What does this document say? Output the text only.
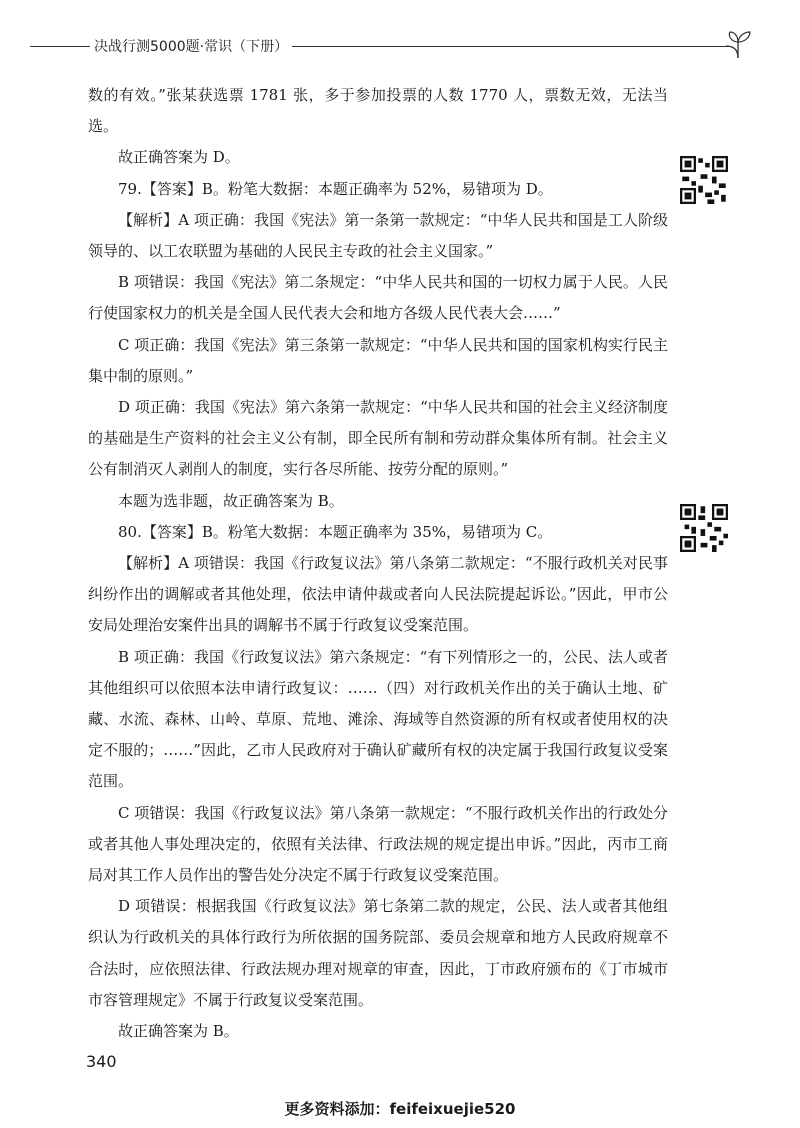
决战行测5000题·常识（下册）

数的有效。”张某获选票 1781 张，多于参加投票的人数 1770 人，票数无效，无法当选。

故正确答案为 D。

79.【答案】B。粉笔大数据：本题正确率为 52%，易错项为 D。

【解析】A 项正确：我国《宪法》第一条第一款规定：“中华人民共和国是工人阶级领导的、以工农联盟为基础的人民民主专政的社会主义国家。”

B 项错误：我国《宪法》第二条规定：“中华人民共和国的一切权力属于人民。人民行使国家权力的机关是全国人民代表大会和地方各级人民代表大会……”

C 项正确：我国《宪法》第三条第一款规定：“中华人民共和国的国家机构实行民主集中制的原则。”

D 项正确：我国《宪法》第六条第一款规定：“中华人民共和国的社会主义经济制度的基础是生产资料的社会主义公有制，即全民所有制和劳动群众集体所有制。社会主义公有制消灭人剥削人的制度，实行各尽所能、按劳分配的原则。”

本题为选非题，故正确答案为 B。

80.【答案】B。粉笔大数据：本题正确率为 35%，易错项为 C。

【解析】A 项错误：我国《行政复议法》第八条第二款规定：“不服行政机关对民事纠纷作出的调解或者其他处理，依法申请仲裁或者向人民法院提起诉讼。”因此，甲市公安局处理治安案件出具的调解书不属于行政复议受案范围。

B 项正确：我国《行政复议法》第六条规定：“有下列情形之一的，公民、法人或者其他组织可以依照本法申请行政复议：……（四）对行政机关作出的关于确认土地、矿藏、水流、森林、山岭、草原、荒地、滩涂、海域等自然资源的所有权或者使用权的决定不服的；……”因此，乙市人民政府对于确认矿藏所有权的决定属于我国行政复议受案范围。

C 项错误：我国《行政复议法》第八条第一款规定：“不服行政机关作出的行政处分或者其他人事处理决定的，依照有关法律、行政法规的规定提出申诉。”因此，丙市工商局对其工作人员作出的警告处分决定不属于行政复议受案范围。

D 项错误：根据我国《行政复议法》第七条第二款的规定，公民、法人或者其他组织认为行政机关的具体行政行为所依据的国务院部、委员会规章和地方人民政府规章不合法时，应依照法律、行政法规办理对规章的审查，因此，丁市政府颁布的《丁市城市市容管理规定》不属于行政复议受案范围。

故正确答案为 B。

340
更多资料添加：feifeixuejie520
